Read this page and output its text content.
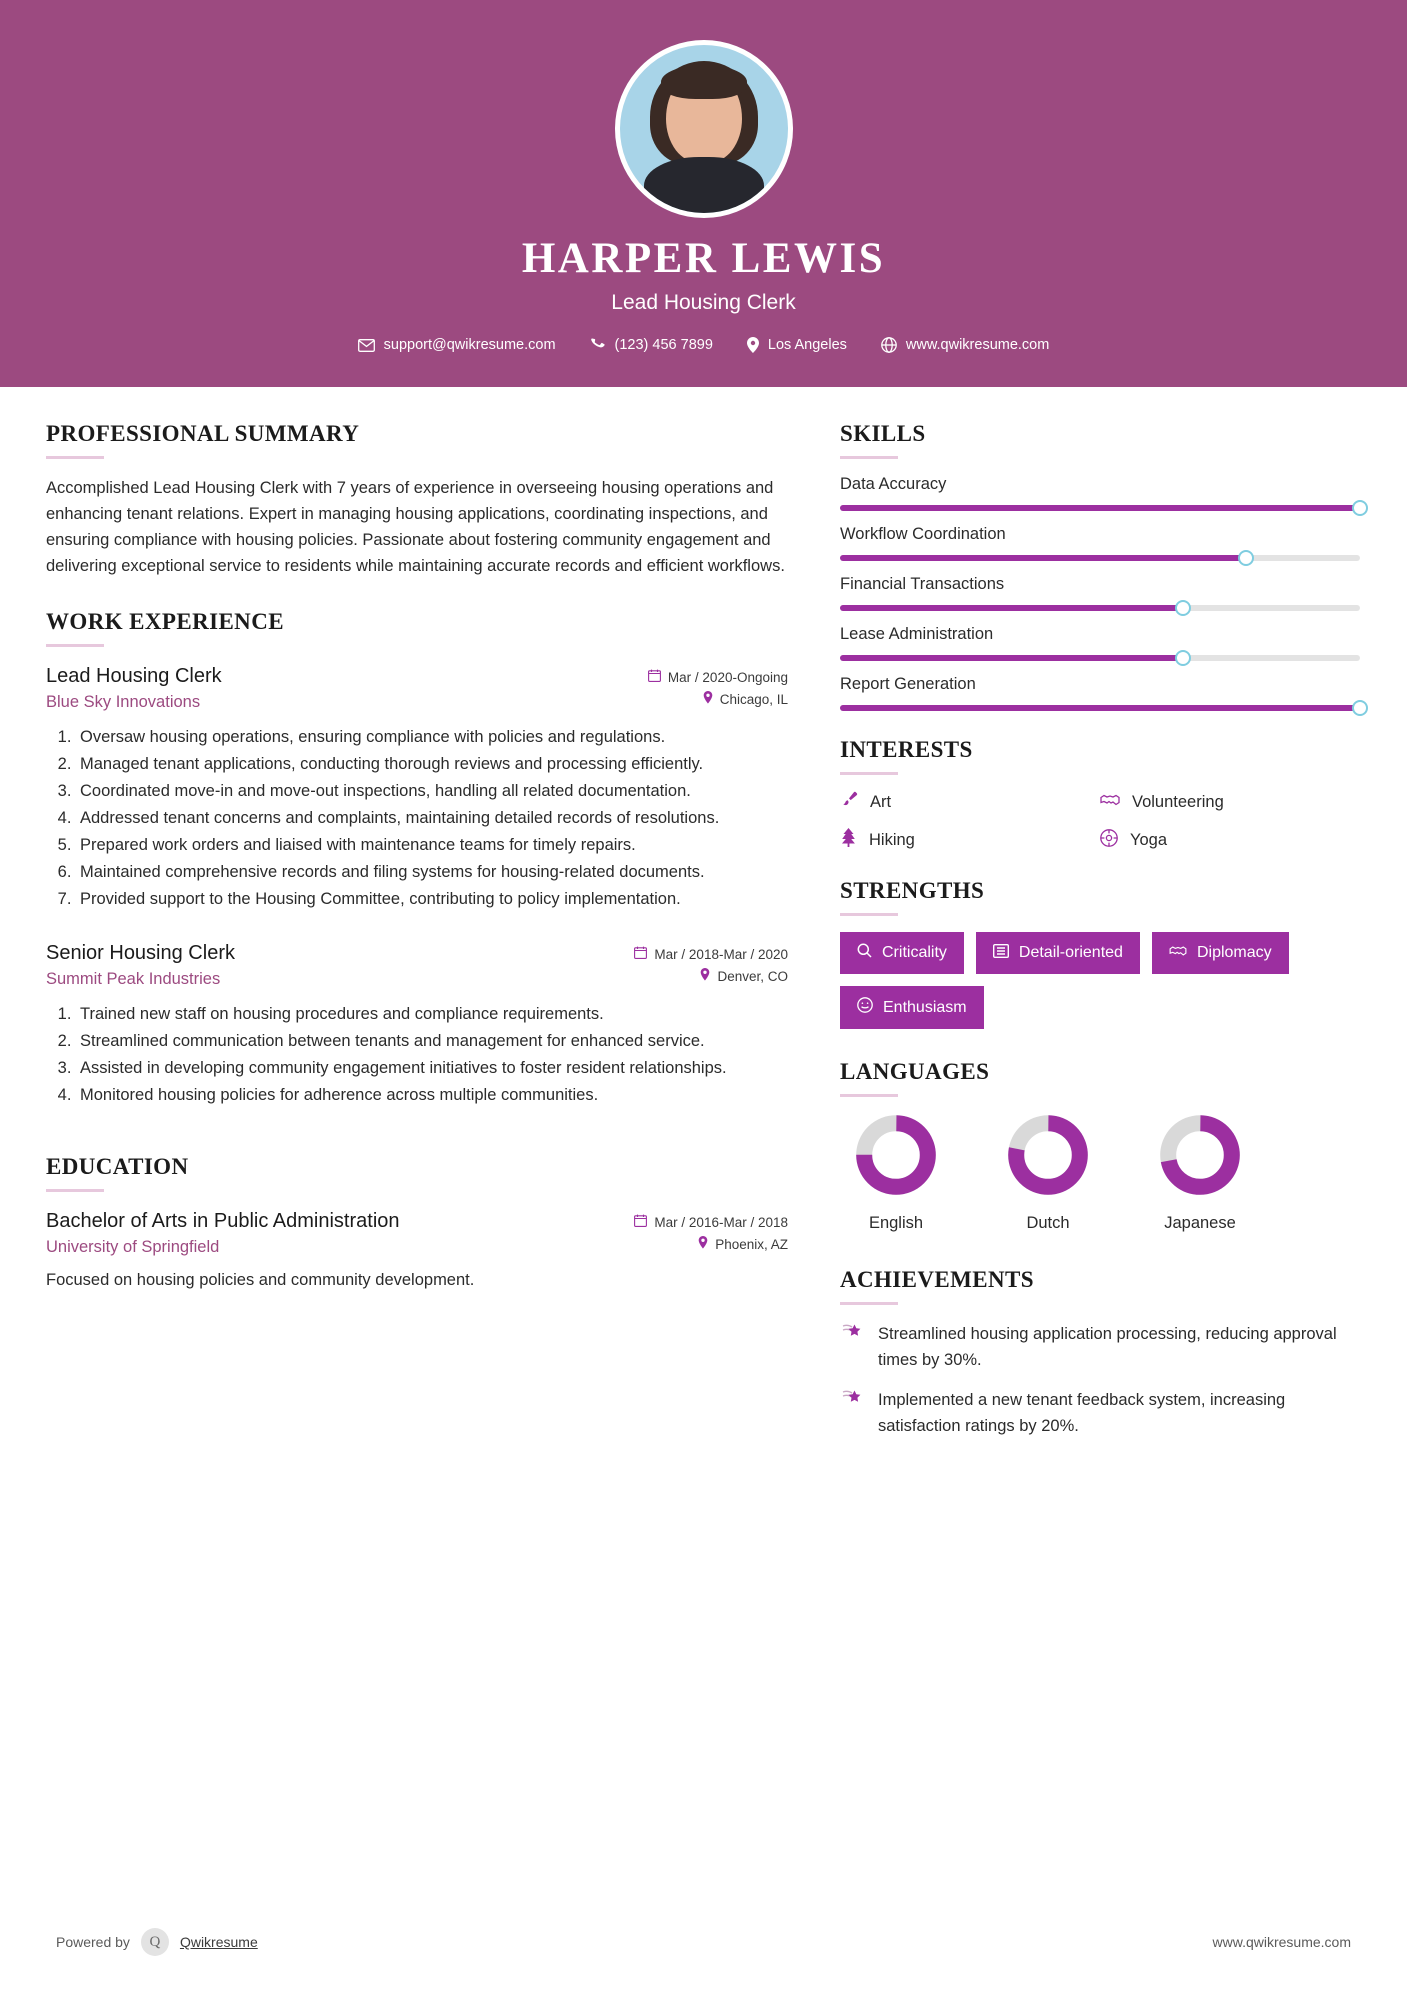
HARPER LEWIS
Lead Housing Clerk
support@qwikresume.com	(123) 456 7899	Los Angeles	www.qwikresume.com
PROFESSIONAL SUMMARY

Accomplished Lead Housing Clerk with 7 years of experience in overseeing housing operations and enhancing tenant relations. Expert in managing housing applications, coordinating inspections, and ensuring compliance with housing policies. Passionate about fostering community engagement and delivering exceptional service to residents while maintaining accurate records and efficient workflows.

WORK EXPERIENCE
Lead Housing Clerk
Blue Sky Innovations
Mar / 2020-Ongoing
Chicago, IL
1. Oversaw housing operations, ensuring compliance with policies and regulations.
2. Managed tenant applications, conducting thorough reviews and processing efficiently.
3. Coordinated move-in and move-out inspections, handling all related documentation.
4. Addressed tenant concerns and complaints, maintaining detailed records of resolutions.
5. Prepared work orders and liaised with maintenance teams for timely repairs.
6. Maintained comprehensive records and filing systems for housing-related documents.
7. Provided support to the Housing Committee, contributing to policy implementation.
Senior Housing Clerk
Summit Peak Industries
Mar / 2018-Mar / 2020
Denver, CO
1. Trained new staff on housing procedures and compliance requirements.
2. Streamlined communication between tenants and management for enhanced service.
3. Assisted in developing community engagement initiatives to foster resident relationships.
4. Monitored housing policies for adherence across multiple communities.
EDUCATION
Bachelor of Arts in Public Administration
University of Springfield
Mar / 2016-Mar / 2018
Phoenix, AZ
Focused on housing policies and community development.
SKILLS
Data Accuracy
Workflow Coordination
Financial Transactions
Lease Administration
Report Generation
INTERESTS
Art	Volunteering
Hiking	Yoga
STRENGTHS
Criticality	Detail-oriented	Diplomacy
Enthusiasm
LANGUAGES
English	Dutch	Japanese
ACHIEVEMENTS
Streamlined housing application processing, reducing approval times by 30%.
Implemented a new tenant feedback system, increasing satisfaction ratings by 20%.
Powered by	Q	Qwikresume	www.qwikresume.com
